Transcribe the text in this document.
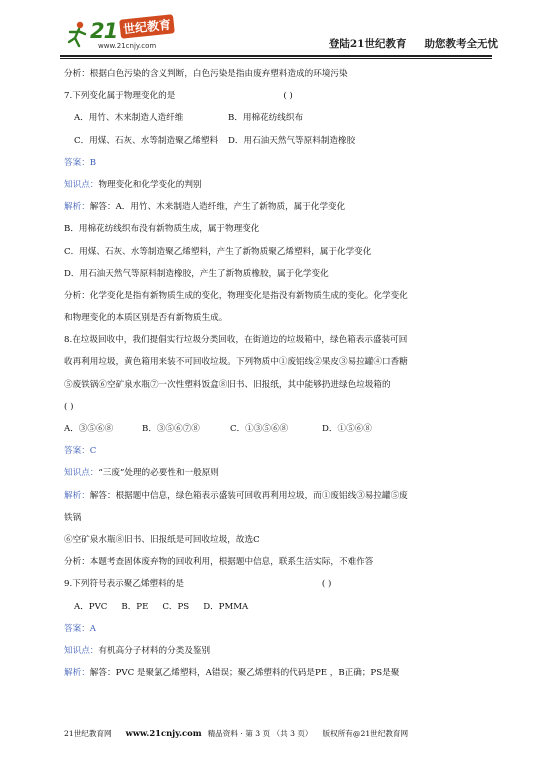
21 世纪教育
www.21cnjy.com	登陆21世纪教育 助您教考全无忧
分析：根据白色污染的含义判断，白色污染是指由废弃塑料造成的环境污染
7.下列变化属于物理变化的是	( )
A．用竹、木来制造人造纤维	B．用棉花纺线织布
C．用煤、石灰、水等制造聚乙烯塑料 D．用石油天然气等原料制造橡胶
答案：B
知识点：物理变化和化学变化的判别
解析：解答：A．用竹、木来制造人造纤维，产生了新物质，属于化学变化
B．用棉花纺线织布没有新物质生成，属于物理变化
C．用煤、石灰、水等制造聚乙烯塑料，产生了新物质聚乙烯塑料，属于化学变化
D．用石油天然气等原料制造橡胶，产生了新物质橡胶，属于化学变化
分析：化学变化是指有新物质生成的变化，物理变化是指没有新物质生成的变化。化学变化
和物理变化的本质区别是否有新物质生成。
8.在垃圾回收中，我们提倡实行垃圾分类回收，在街道边的垃圾箱中，绿色箱表示盛装可回
收再利用垃圾，黄色箱用来装不可回收垃圾。下列物质中①废铝线②果皮③易拉罐④口香糖
⑤废铁锅⑥空矿泉水瓶⑦一次性塑料饭盒⑧旧书、旧报纸，其中能够扔进绿色垃圾箱的
( )
A．③⑤⑥⑧	B．③⑤⑥⑦⑧	C．①③⑤⑥⑧	D．①⑤⑥⑧
答案：C
知识点：“三废”处理的必要性和一般原则
解析：解答：根据题中信息，绿色箱表示盛装可回收再利用垃圾，而①废铝线③易拉罐⑤废
铁锅
⑥空矿泉水瓶⑧旧书、旧报纸是可回收垃圾，故选C
分析：本题考查固体废弃物的回收利用，根据题中信息，联系生活实际，不难作答
9.下列符号表示聚乙烯塑料的是	( )
A．PVC B．PE C．PS D．PMMA
答案：A
知识点：有机高分子材料的分类及鉴别
解析：解答：PVC 是聚氯乙烯塑料，A错误；聚乙烯塑料的代码是PE ，B正确；PS是聚
21世纪教育网 www.21cnjy.com 精品资料 · 第 3 页 （共 3 页） 版权所有@21世纪教育网
